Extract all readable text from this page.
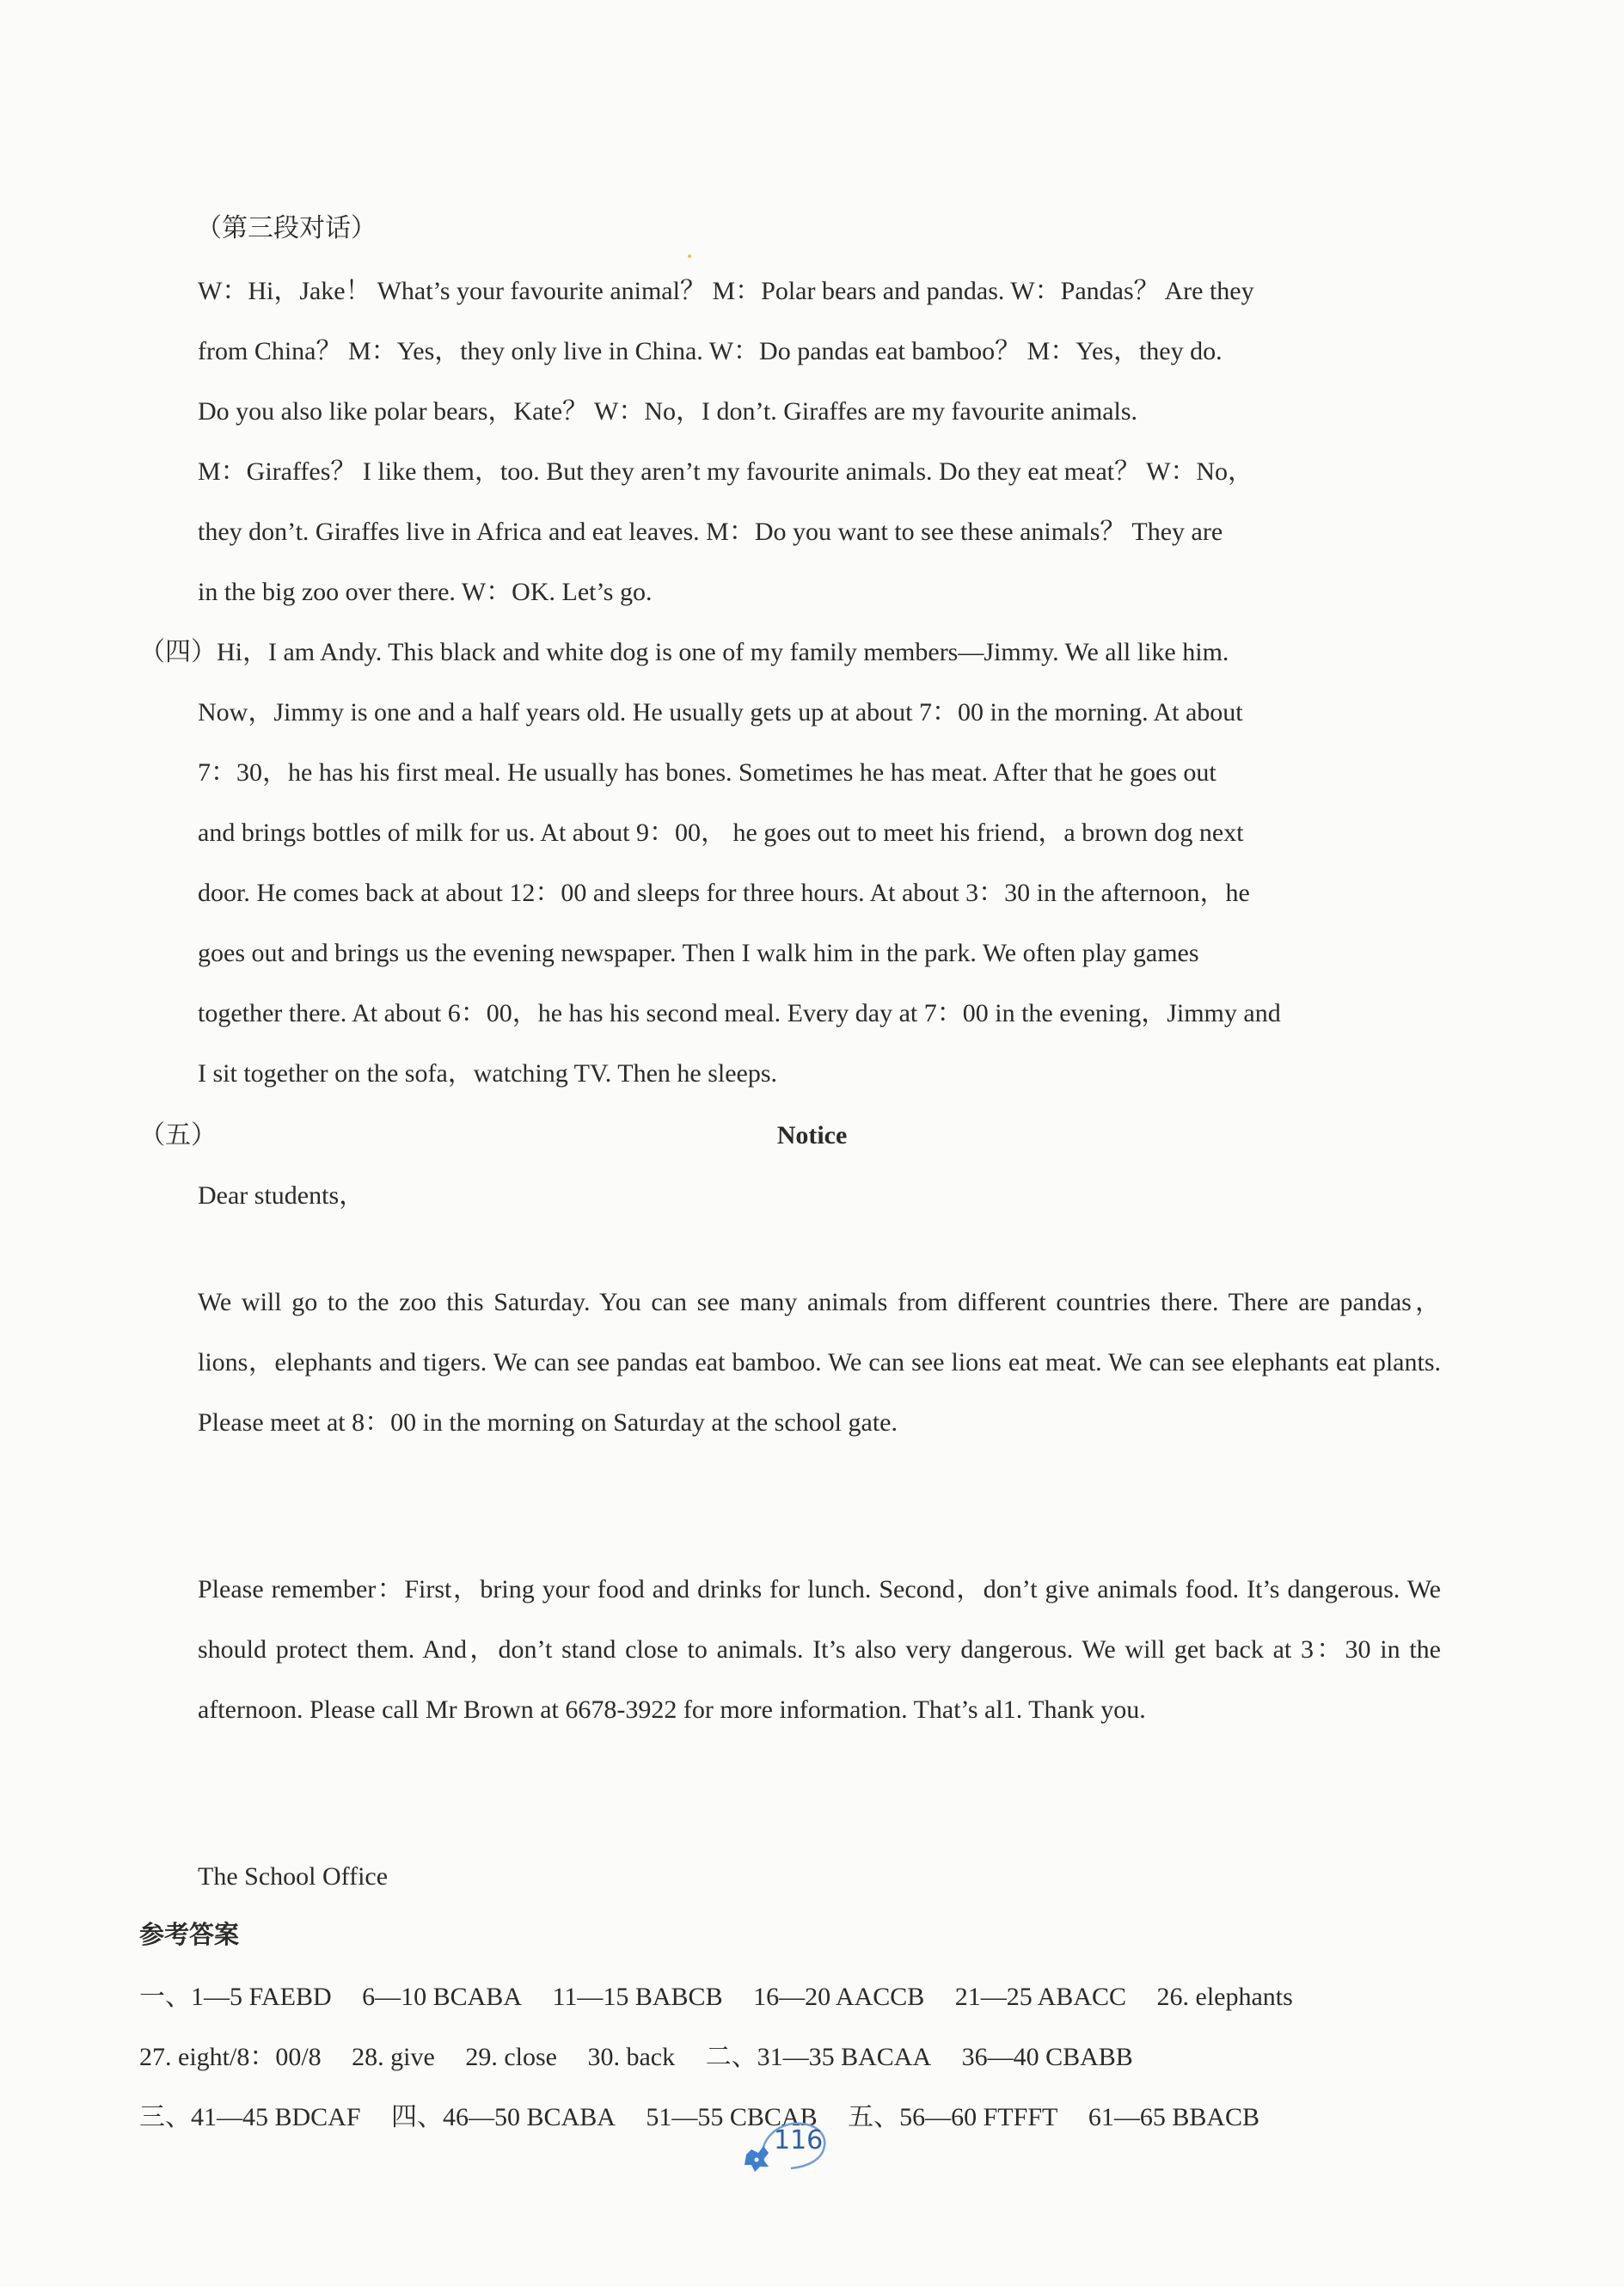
（第三段对话）
W：Hi，Jake！ What’s your favourite animal？ M：Polar bears and pandas. W：Pandas？ Are they
from China？ M：Yes，they only live in China. W：Do pandas eat bamboo？ M：Yes，they do.
Do you also like polar bears，Kate？ W：No，I don’t. Giraffes are my favourite animals.
M：Giraffes？ I like them，too. But they aren’t my favourite animals. Do they eat meat？ W：No，
they don’t. Giraffes live in Africa and eat leaves. M：Do you want to see these animals？ They are
in the big zoo over there. W：OK. Let’s go.
（四）Hi，I am Andy. This black and white dog is one of my family members—Jimmy. We all like him.
Now，Jimmy is one and a half years old. He usually gets up at about 7：00 in the morning. At about
7：30，he has his first meal. He usually has bones. Sometimes he has meat. After that he goes out
and brings bottles of milk for us. At about 9：00， he goes out to meet his friend，a brown dog next
door. He comes back at about 12：00 and sleeps for three hours. At about 3：30 in the afternoon，he
goes out and brings us the evening newspaper. Then I walk him in the park. We often play games
together there. At about 6：00，he has his second meal. Every day at 7：00 in the evening，Jimmy and
I sit together on the sofa，watching TV. Then he sleeps.
（五）	Notice
Dear students，
We will go to the zoo this Saturday. You can see many animals from different countries there. There are pandas，lions，elephants and tigers. We can see pandas eat bamboo. We can see lions eat meat. We can see elephants eat plants. Please meet at 8：00 in the morning on Saturday at the school gate.
Please remember：First，bring your food and drinks for lunch. Second，don’t give animals food. It’s dangerous. We should protect them. And，don’t stand close to animals. It’s also very dangerous. We will get back at 3：30 in the afternoon. Please call Mr Brown at 6678-3922 for more information. That’s al1. Thank you.
The School Office
参考答案
一、1—5 FAEBD 6—10 BCABA 11—15 BABCB 16—20 AACCB 21—25 ABACC 26. elephants
27. eight/8：00/8 28. give 29. close 30. back 二、31—35 BACAA 36—40 CBABB
三、41—45 BDCAF 四、46—50 BCABA 51—55 CBCAB 五、56—60 FTFFT 61—65 BBACB
116
